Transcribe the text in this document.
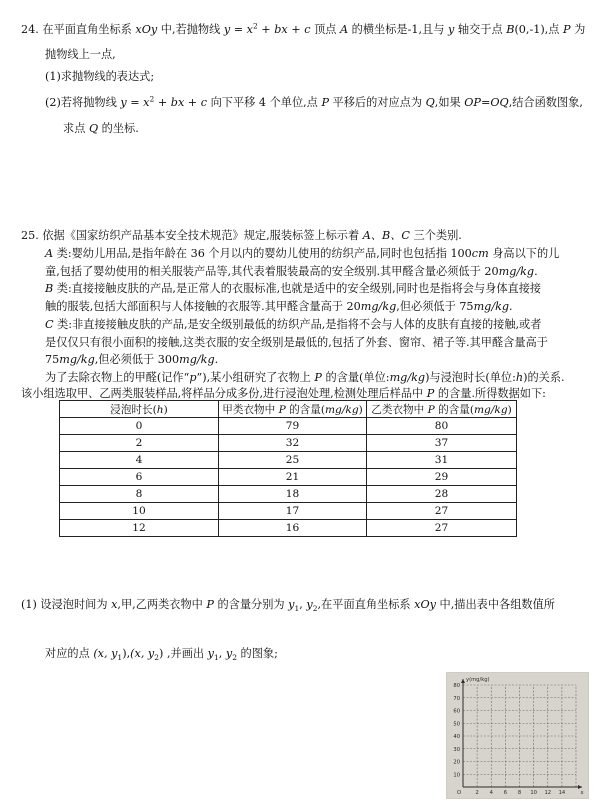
24. 在平面直角坐标系 xOy 中,若抛物线 $y = x^2$ + bx + c 顶点 A 的横坐标是-1,且与 y 轴交于点 B(0,-1),点 P 为

抛物线上一点,

(1)求抛物线的表达式;

(2)若将抛物线 $y = x^2$ + bx + c 向下平移 4 个单位,点 P 平移后的对应点为 Q,如果 OP=OQ,结合函数图象,

求点 Q 的坐标.

25. 依据《国家纺织产品基本安全技术规范》规定,服装标签上标示着 A、B、C 三个类别.

A 类:婴幼儿用品,是指年龄在 36 个月以内的婴幼儿使用的纺织产品,同时也包括指 100cm 身高以下的儿

童,包括了婴幼使用的相关服装产品等,其代表着服装最高的安全级别.其甲醛含量必须低于 20mg/kg.

B 类:直接接触皮肤的产品,是正常人的衣服标准,也就是适中的安全级别,同时也是指将会与身体直接接

触的服装,包括大部面积与人体接触的衣服等.其甲醛含量高于 20mg/kg,但必须低于 75mg/kg.

C 类:非直接接触皮肤的产品,是安全级别最低的纺织产品,是指将不会与人体的皮肤有直接的接触,或者

是仅仅只有很小面积的接触,这类衣服的安全级别是最低的,包括了外套、窗帘、裙子等.其甲醛含量高于

75mg/kg,但必须低于 300mg/kg.

为了去除衣物上的甲醛(记作“p”),某小组研究了衣物上 P 的含量(单位:mg/kg)与浸泡时长(单位:h)的关系.

该小组选取甲、乙两类服装样品,将样品分成多份,进行浸泡处理,检测处理后样品中 P 的含量.所得数据如下:

浸泡时长(h)	甲类衣物中 P 的含量(mg/kg)	乙类衣物中 P 的含量(mg/kg)
0	79	80
2	32	37
4	25	31
6	21	29
8	18	28
10	17	27
12	16	27

(1) 设浸泡时间为 x,甲,乙两类衣物中 P 的含量分别为 $y_1$, $y_2$,在平面直角坐标系 xOy 中,描出表中各组数值所

对应的点 (x, $y_1),(x$, $y_2$) ,并画出 $y_1$, $y_2$ 的图象;

y(mg/kg)
80
70
60
50
40
30
20
10
2 4 6 8 10 12 14
O	x
